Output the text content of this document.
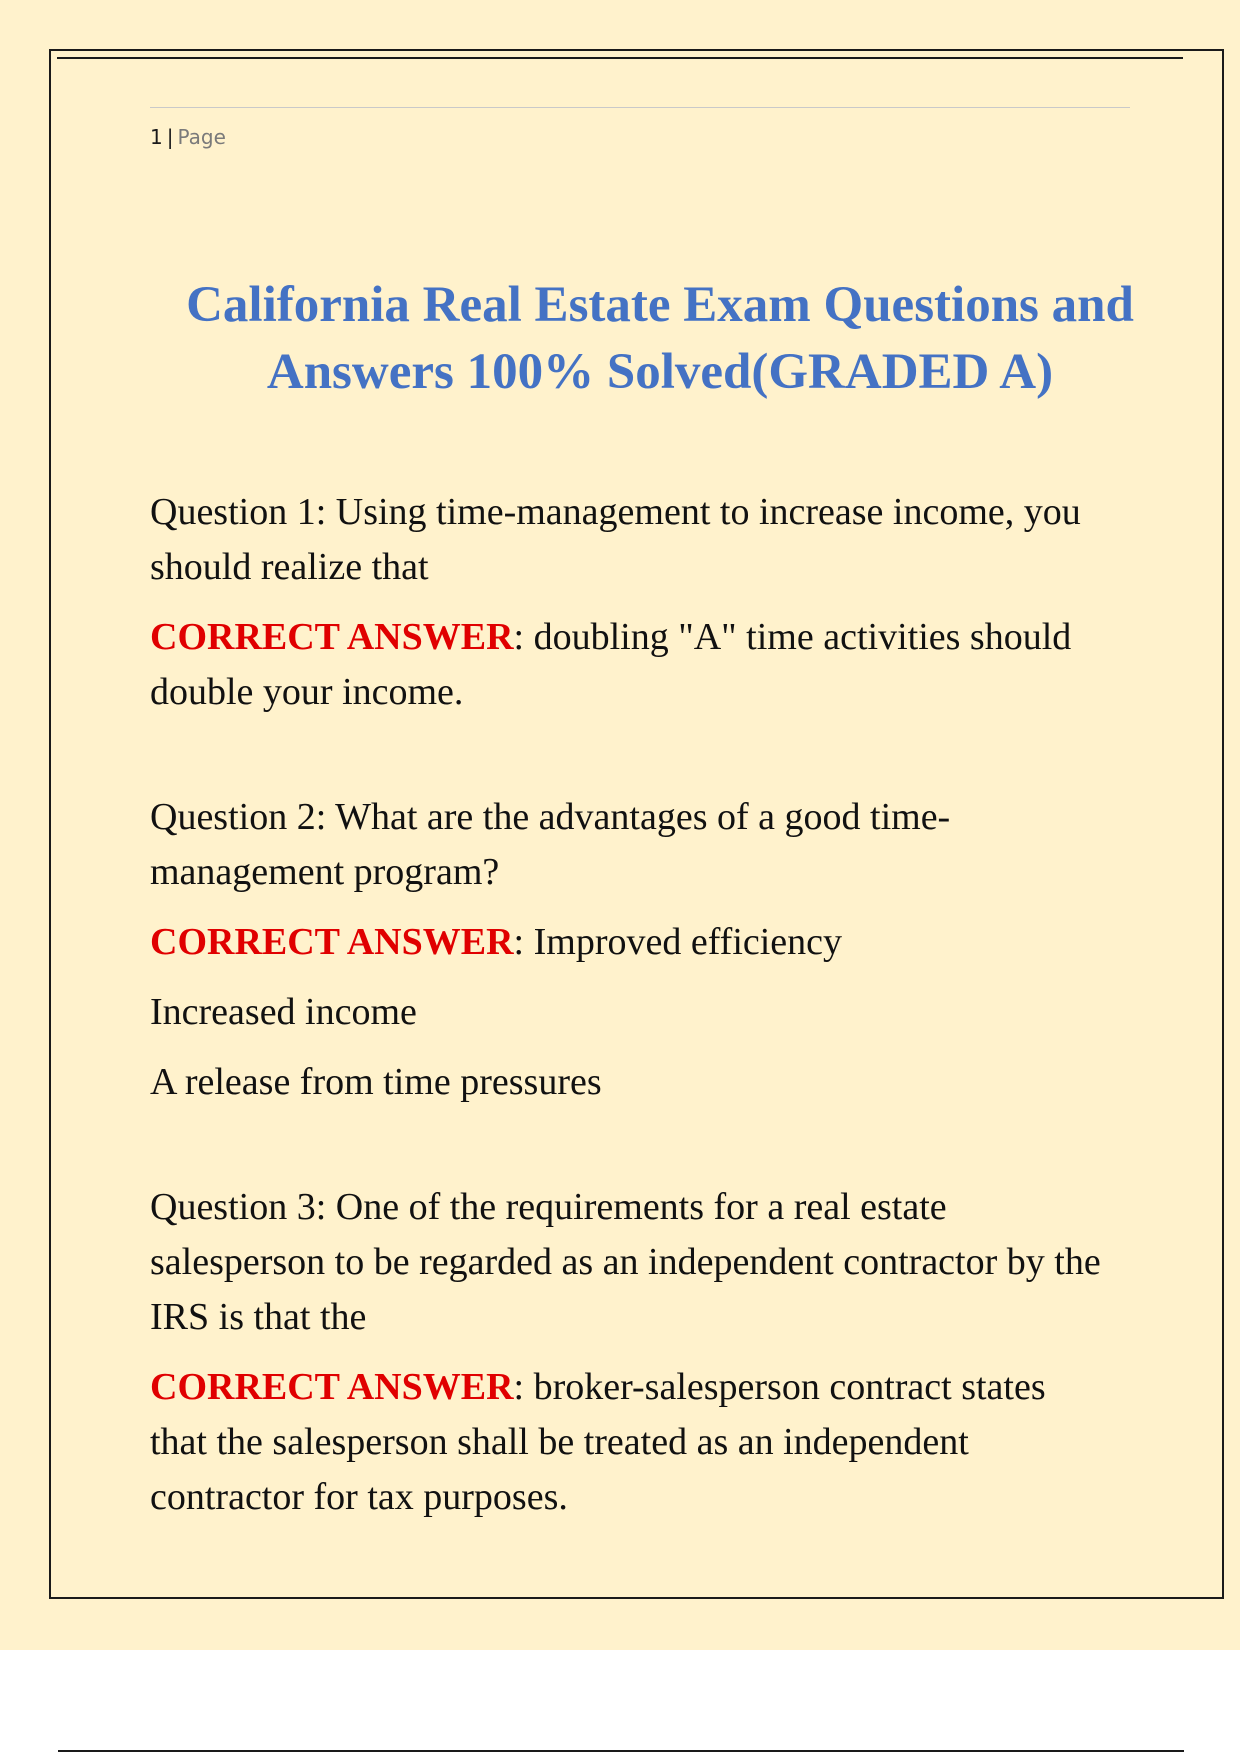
1 | Page
California Real Estate Exam Questions and Answers 100% Solved(GRADED A)

Question 1: Using time-management to increase income, you should realize that

CORRECT ANSWER: doubling "A" time activities should double your income.

Question 2: What are the advantages of a good time-management program?

CORRECT ANSWER: Improved efficiency

Increased income

A release from time pressures

Question 3: One of the requirements for a real estate salesperson to be regarded as an independent contractor by the IRS is that the

CORRECT ANSWER: broker-salesperson contract states that the salesperson shall be treated as an independent contractor for tax purposes.
